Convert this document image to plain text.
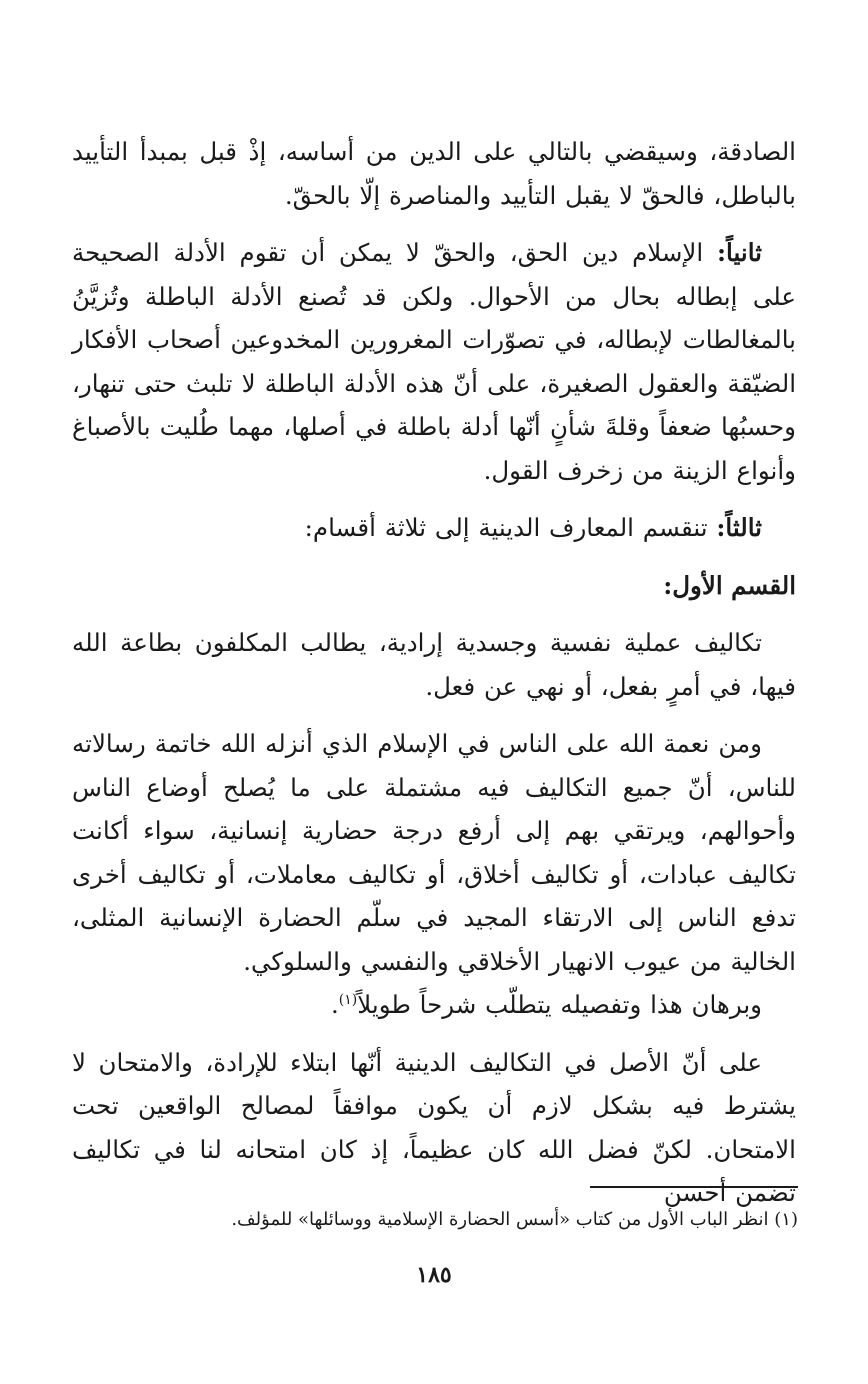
الصادقة، وسيقضي بالتالي على الدين من أساسه، إذْ قبل بمبدأ التأييد بالباطل، فالحقّ لا يقبل التأييد والمناصرة إلّا بالحقّ.

ثانياً: الإسلام دين الحق، والحقّ لا يمكن أن تقوم الأدلة الصحيحة على إبطاله بحال من الأحوال. ولكن قد تُصنع الأدلة الباطلة وتُزيَّنُ بالمغالطات لإبطاله، في تصوّرات المغرورين المخدوعين أصحاب الأفكار الضيّقة والعقول الصغيرة، على أنّ هذه الأدلة الباطلة لا تلبث حتى تنهار، وحسبُها ضعفاً وقلةَ شأنٍ أنّها أدلة باطلة في أصلها، مهما طُليت بالأصباغ وأنواع الزينة من زخرف القول.

ثالثاً: تنقسم المعارف الدينية إلى ثلاثة أقسام:

القسم الأول:

تكاليف عملية نفسية وجسدية إرادية، يطالب المكلفون بطاعة الله فيها، في أمرٍ بفعل، أو نهي عن فعل.

ومن نعمة الله على الناس في الإسلام الذي أنزله الله خاتمة رسالاته للناس، أنّ جميع التكاليف فيه مشتملة على ما يُصلح أوضاع الناس وأحوالهم، ويرتقي بهم إلى أرفع درجة حضارية إنسانية، سواء أكانت تكاليف عبادات، أو تكاليف أخلاق، أو تكاليف معاملات، أو تكاليف أخرى تدفع الناس إلى الارتقاء المجيد في سلّم الحضارة الإنسانية المثلى، الخالية من عيوب الانهيار الأخلاقي والنفسي والسلوكي.

وبرهان هذا وتفصيله يتطلّب شرحاً طويلاً$^{(١)}$.

على أنّ الأصل في التكاليف الدينية أنّها ابتلاء للإرادة، والامتحان لا يشترط فيه بشكل لازم أن يكون موافقاً لمصالح الواقعين تحت الامتحان. لكنّ فضل الله كان عظيماً، إذ كان امتحانه لنا في تكاليف تضمن أحسن

(١) انظر الباب الأول من كتاب «أسس الحضارة الإسلامية ووسائلها» للمؤلف.
١٨٥
